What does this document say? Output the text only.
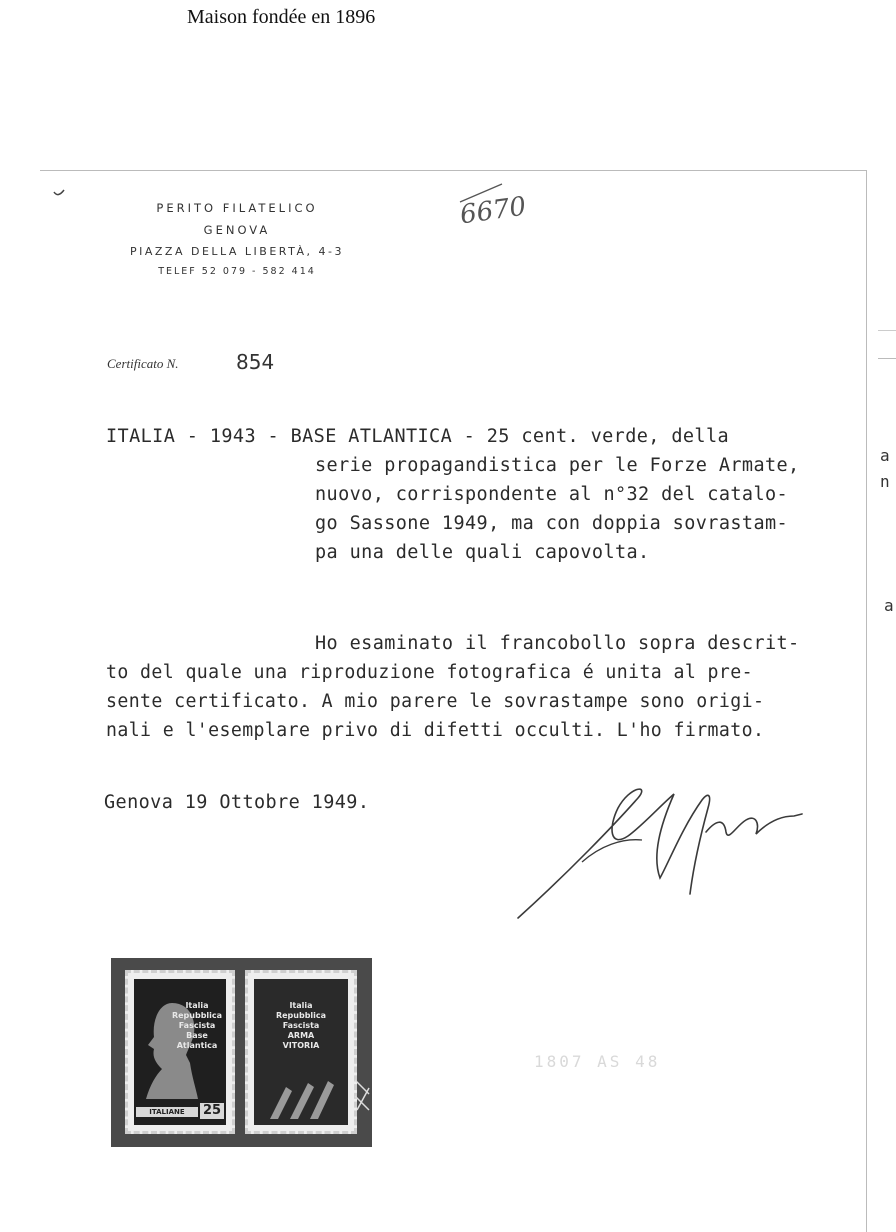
Maison fondée en 1896
a
n
a
PERITO FILATELICO
GENOVA
PIAZZA DELLA LIBERTÀ, 4-3
TELEF 52 079 - 582 414
6670
Certificato N.	854
ITALIA - 1943 - BASE ATLANTICA - 25 cent. verde, della
serie propagandistica per le Forze Armate,
nuovo, corrispondente al n°32 del catalo-
go Sassone 1949, ma con doppia sovrastam-
pa una delle quali capovolta.
Ho esaminato il francobollo sopra descrit-
to del quale una riproduzione fotografica é unita al pre-
sente certificato. A mio parere le sovrastampe sono origi-
nali e l'esemplare privo di difetti occulti. L'ho firmato.
Genova 19 Ottobre 1949.
Italia
Repubblica
Fascista
Base
Atlantica
ITALIANE	25
Italia
Repubblica
Fascista
ARMA
VITORIA
1807 AS 48
